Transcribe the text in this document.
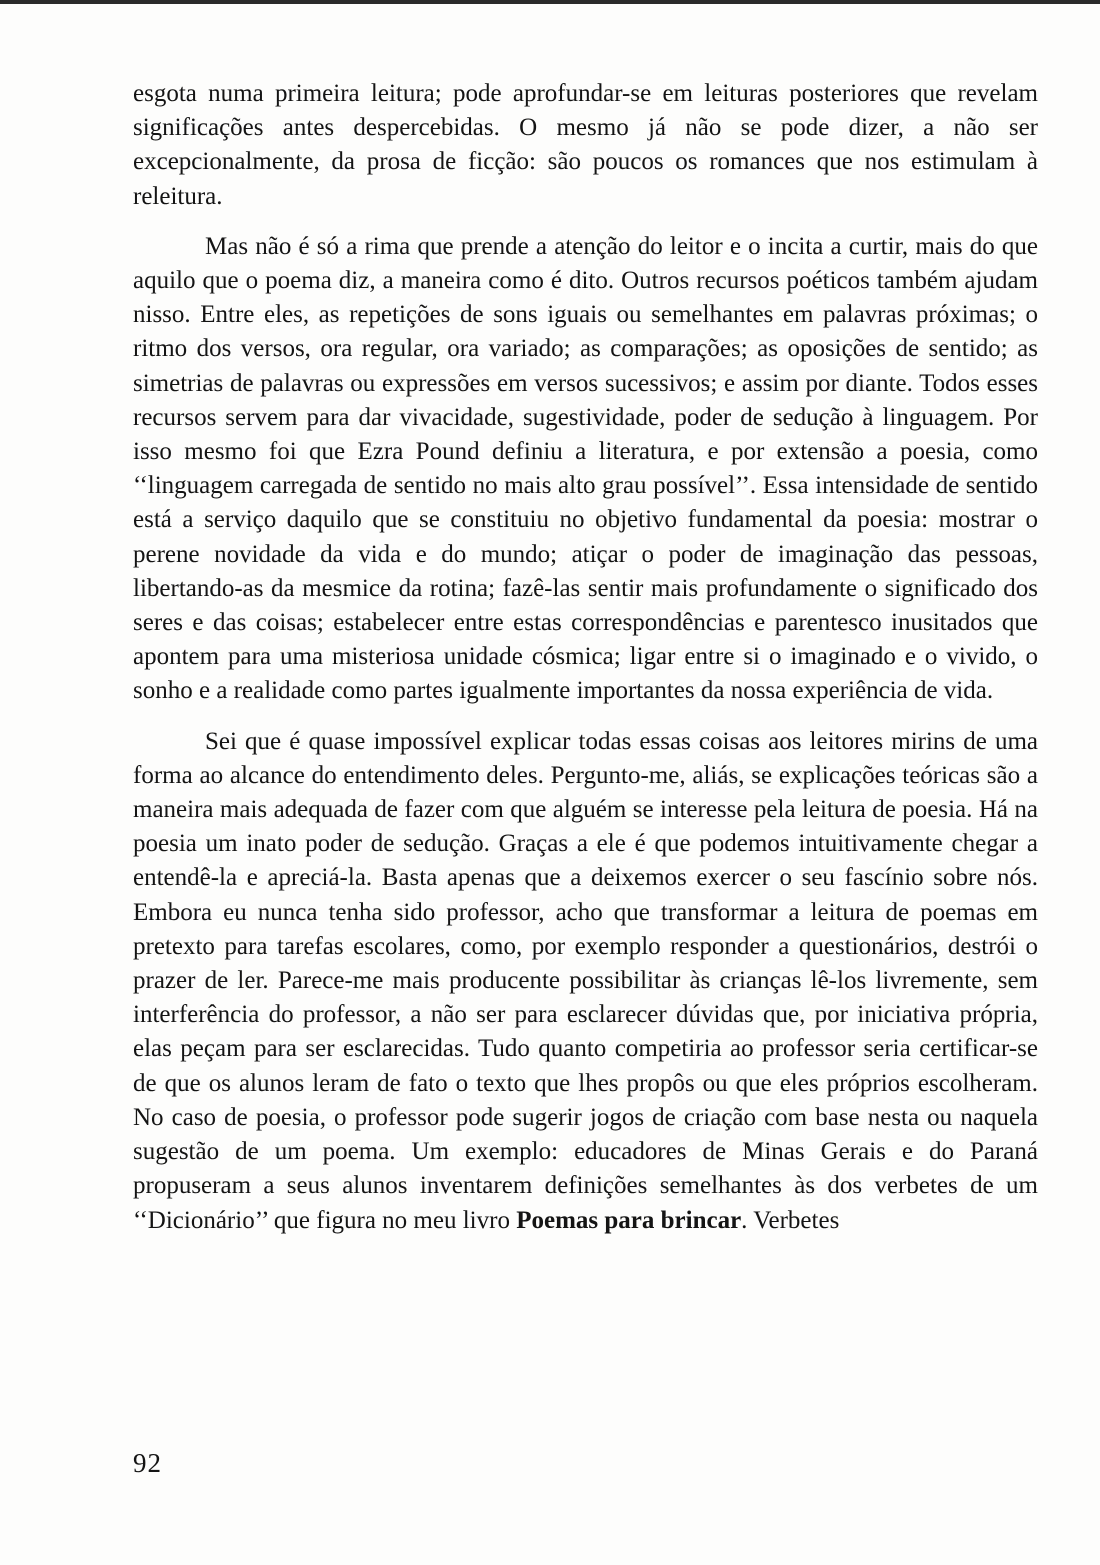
esgota numa primeira leitura; pode aprofundar-se em leituras posteriores que revelam significações antes despercebidas. O mesmo já não se pode dizer, a não ser excepcionalmente, da prosa de ficção: são poucos os romances que nos estimulam à releitura.

Mas não é só a rima que prende a atenção do leitor e o incita a curtir, mais do que aquilo que o poema diz, a maneira como é dito. Outros recursos poéticos também ajudam nisso. Entre eles, as repetições de sons iguais ou semelhantes em palavras próximas; o ritmo dos versos, ora regular, ora variado; as comparações; as oposições de sentido; as simetrias de palavras ou expressões em versos sucessivos; e assim por diante. Todos esses recursos servem para dar vivacidade, sugestividade, poder de sedução à linguagem. Por isso mesmo foi que Ezra Pound definiu a literatura, e por extensão a poesia, como ‘‘linguagem carregada de sentido no mais alto grau possível’’. Essa intensidade de sentido está a serviço daquilo que se constituiu no objetivo fundamental da poesia: mostrar o perene novidade da vida e do mundo; atiçar o poder de imaginação das pessoas, libertando-as da mesmice da rotina; fazê-las sentir mais profundamente o significado dos seres e das coisas; estabelecer entre estas correspondências e parentesco inusitados que apontem para uma misteriosa unidade cósmica; ligar entre si o imaginado e o vivido, o sonho e a realidade como partes igualmente importantes da nossa experiência de vida.

Sei que é quase impossível explicar todas essas coisas aos leitores mirins de uma forma ao alcance do entendimento deles. Pergunto-me, aliás, se explicações teóricas são a maneira mais adequada de fazer com que alguém se interesse pela leitura de poesia. Há na poesia um inato poder de sedução. Graças a ele é que podemos intuitivamente chegar a entendê-la e apreciá-la. Basta apenas que a deixemos exercer o seu fascínio sobre nós. Embora eu nunca tenha sido professor, acho que transformar a leitura de poemas em pretexto para tarefas escolares, como, por exemplo responder a questionários, destrói o prazer de ler. Parece-me mais producente possibilitar às crianças lê-los livremente, sem interferência do professor, a não ser para esclarecer dúvidas que, por iniciativa própria, elas peçam para ser esclarecidas. Tudo quanto competiria ao professor seria certificar-se de que os alunos leram de fato o texto que lhes propôs ou que eles próprios escolheram. No caso de poesia, o professor pode sugerir jogos de criação com base nesta ou naquela sugestão de um poema. Um exemplo: educadores de Minas Gerais e do Paraná propuseram a seus alunos inventarem definições semelhantes às dos verbetes de um ‘‘Dicionário’’ que figura no meu livro Poemas para brincar. Verbetes

92
